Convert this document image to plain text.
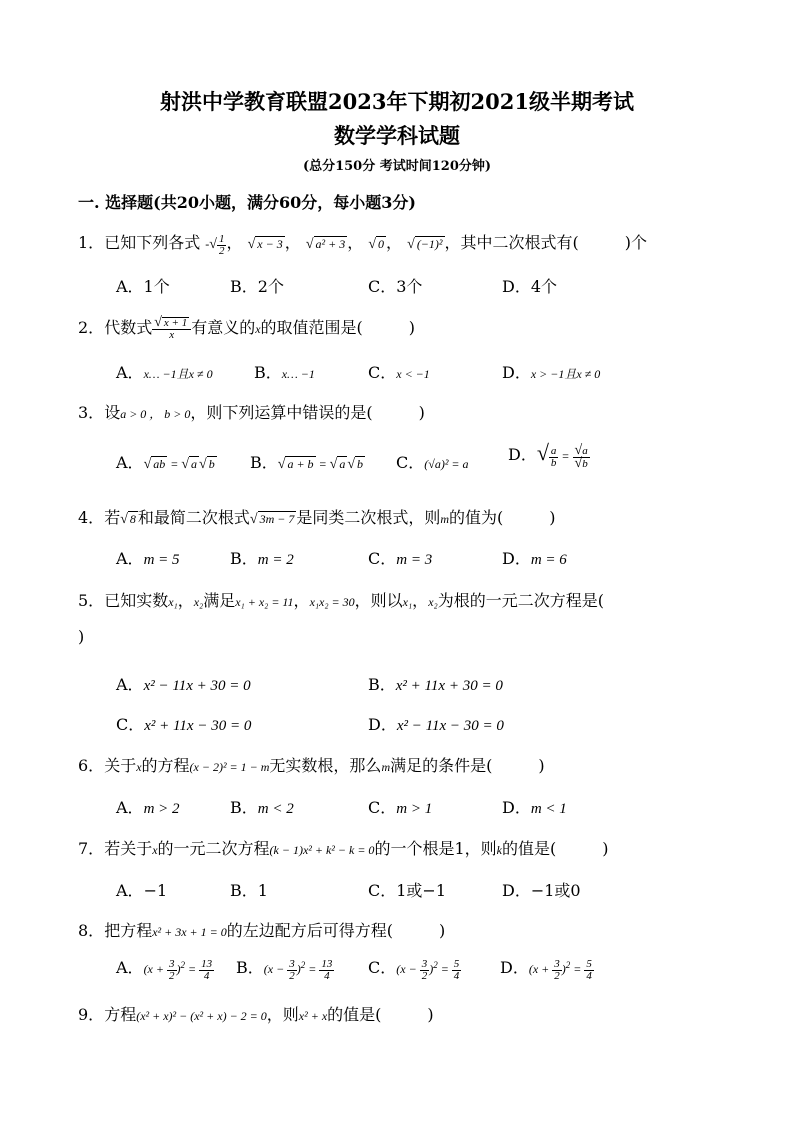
射洪中学教育联盟2023年下期初2021级半期考试
数学学科试题
(总分150分 考试时间120分钟)
一. 选择题(共20小题，满分60分，每小题3分)
1．已知下列各式 -√ $\frac{1}{2}$ ， √ x − 3 ， √ a² + 3 ， √ 0 ， √ (−1)² ，其中二次根式有(	)个
A．1个	B．2个	C．3个	D．4个
2．代数式 $\frac{√ x + 1}{x}$ 有意义的x的取值范围是(	)
A．x… −1且x ≠ 0	B．x… −1	C．x < −1	D．x > −1且x ≠ 0
3．设a > 0 ， b > 0，则下列运算中错误的是(	)
A．√ ab = √ a √ b B．√ a + b = √ a √ b C．(√a)² = a D．√ $\frac{a}{b} = \frac{√a}{√b}$
4．若√ 8 和最简二次根式√ 3m − 7 是同类二次根式，则m的值为(	)
A．m = 5	B．m = 2	C．m = 3	D．m = 6
5．已知实数x₁，x₂满足x₁ + x₂ = 11，x₁x₂ = 30，则以x₁，x₂为根的一元二次方程是(
)
A．x² − 11x + 30 = 0	B．x² + 11x + 30 = 0
C．x² + 11x − 30 = 0	D．x² − 11x − 30 = 0
6．关于x的方程(x − 2)² = 1 − m无实数根，那么m满足的条件是(	)
A．m > 2	B．m < 2	C．m > 1	D．m < 1
7．若关于x的一元二次方程(k − 1)x² + k² − k = 0的一个根是1，则k的值是(	)
A．−1	B．1	C．1或−1	D．−1或0
8．把方程x² + 3x + 1 = 0的左边配方后可得方程(	)
A．$(x + \frac{3}{2} )^2 = \frac{13}{4}$ B．$(x - \frac{3}{2} )^2 = \frac{13}{4}$ C．$(x - \frac{3}{2} )^2 = \frac{5}{4}$ D．$(x + \frac{3}{2} )^2 = \frac{5}{4}$
9．方程(x² + x)² − (x² + x) − 2 = 0，则x² + x的值是(	)
